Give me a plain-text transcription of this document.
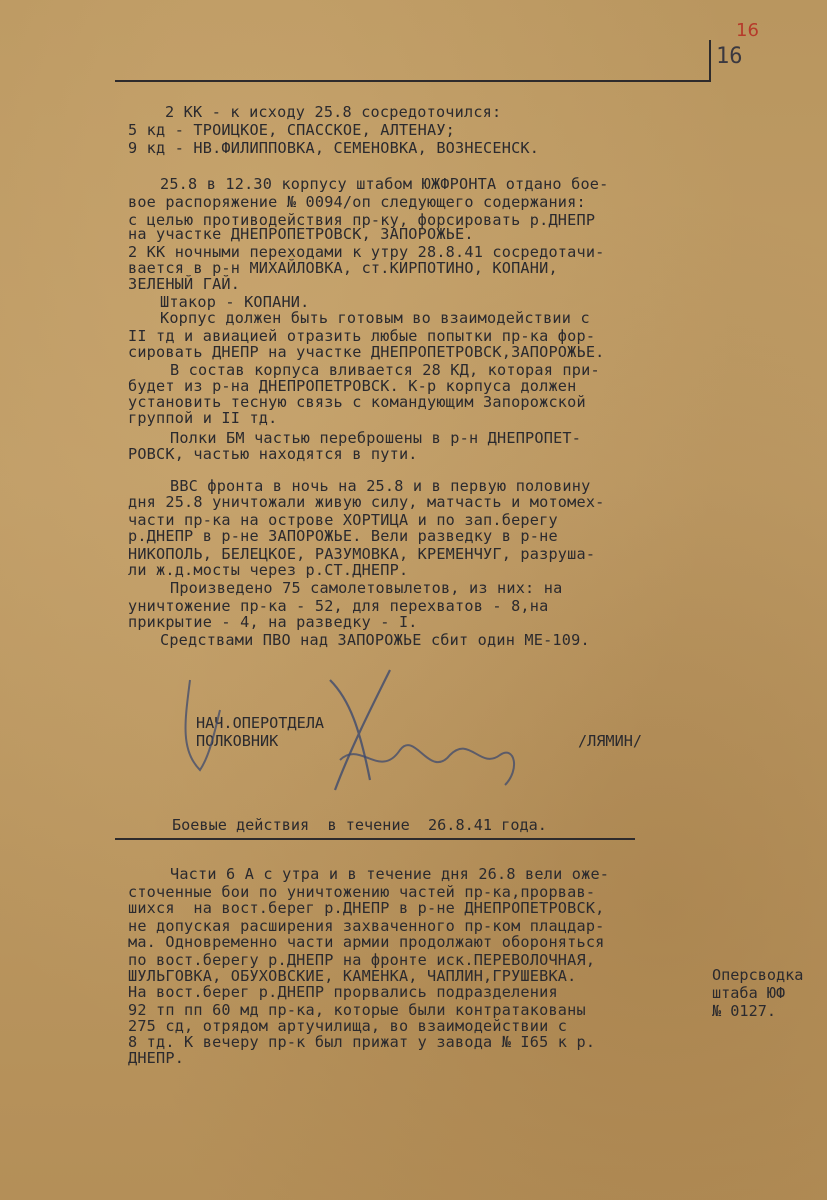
16
16
2 КК - к исходу 25.8 сосредоточился:
5 кд - ТРОИЦКОЕ, СПАССКОЕ, АЛТЕНАУ;
9 кд - НВ.ФИЛИППОВКА, СЕМЕНОВКА, ВОЗНЕСЕНСК.
25.8 в 12.30 корпусу штабом ЮЖФРОНТА отдано бое-
вое распоряжение № 0094/оп следующего содержания:
с целью противодействия пр-ку, форсировать р.ДНЕПР
на участке ДНЕПРОПЕТРОВСК, ЗАПОРОЖЬЕ.
2 КК ночными переходами к утру 28.8.41 сосредотачи-
вается в р-н МИХАЙЛОВКА, ст.КИРПОТИНО, КОПАНИ,
ЗЕЛЕНЫЙ ГАЙ.
Штакор - КОПАНИ.
Корпус должен быть готовым во взаимодействии с
II тд и авиацией отразить любые попытки пр-ка фор-
сировать ДНЕПР на участке ДНЕПРОПЕТРОВСК,ЗАПОРОЖЬЕ.
В состав корпуса вливается 28 КД, которая при-
будет из р-на ДНЕПРОПЕТРОВСК. К-р корпуса должен
установить тесную связь с командующим Запорожской
группой и II тд.
Полки БМ частью переброшены в р-н ДНЕПРОПЕТ-
РОВСК, частью находятся в пути.
ВВС фронта в ночь на 25.8 и в первую половину
дня 25.8 уничтожали живую силу, матчасть и мотомех-
части пр-ка на острове ХОРТИЦА и по зап.берегу
р.ДНЕПР в р-не ЗАПОРОЖЬЕ. Вели разведку в р-не
НИКОПОЛЬ, БЕЛЕЦКОЕ, РАЗУМОВКА, КРЕМЕНЧУГ, разруша-
ли ж.д.мосты через р.СТ.ДНЕПР.
Произведено 75 самолетовылетов, из них: на
уничтожение пр-ка - 52, для перехватов - 8,на
прикрытие - 4, на разведку - I.
Средствами ПВО над ЗАПОРОЖЬЕ сбит один МЕ-109.
НАЧ.ОПЕРОТДЕЛА
ПОЛКОВНИК	/ЛЯМИН/
Боевые действия  в течение  26.8.41 года.
Части 6 А с утра и в течение дня 26.8 вели оже-
сточенные бои по уничтожению частей пр-ка,прорвав-
шихся  на вост.берег р.ДНЕПР в р-не ДНЕПРОПЕТРОВСК,
не допуская расширения захваченного пр-ком плацдар-
ма. Одновременно части армии продолжают обороняться
по вост.берегу р.ДНЕПР на фронте иск.ПЕРЕВОЛОЧНАЯ,
ШУЛЬГОВКА, ОБУХОВСКИЕ, КАМЕНКА, ЧАПЛИН,ГРУШЕВКА.
На вост.берег р.ДНЕПР прорвались подразделения
92 тп пп 60 мд пр-ка, которые были контратакованы
275 сд, отрядом артучилища, во взаимодействии с
8 тд. К вечеру пр-к был прижат у завода № I65 к р.
ДНЕПР.
Оперсводка
штаба ЮФ
№ 0127.
